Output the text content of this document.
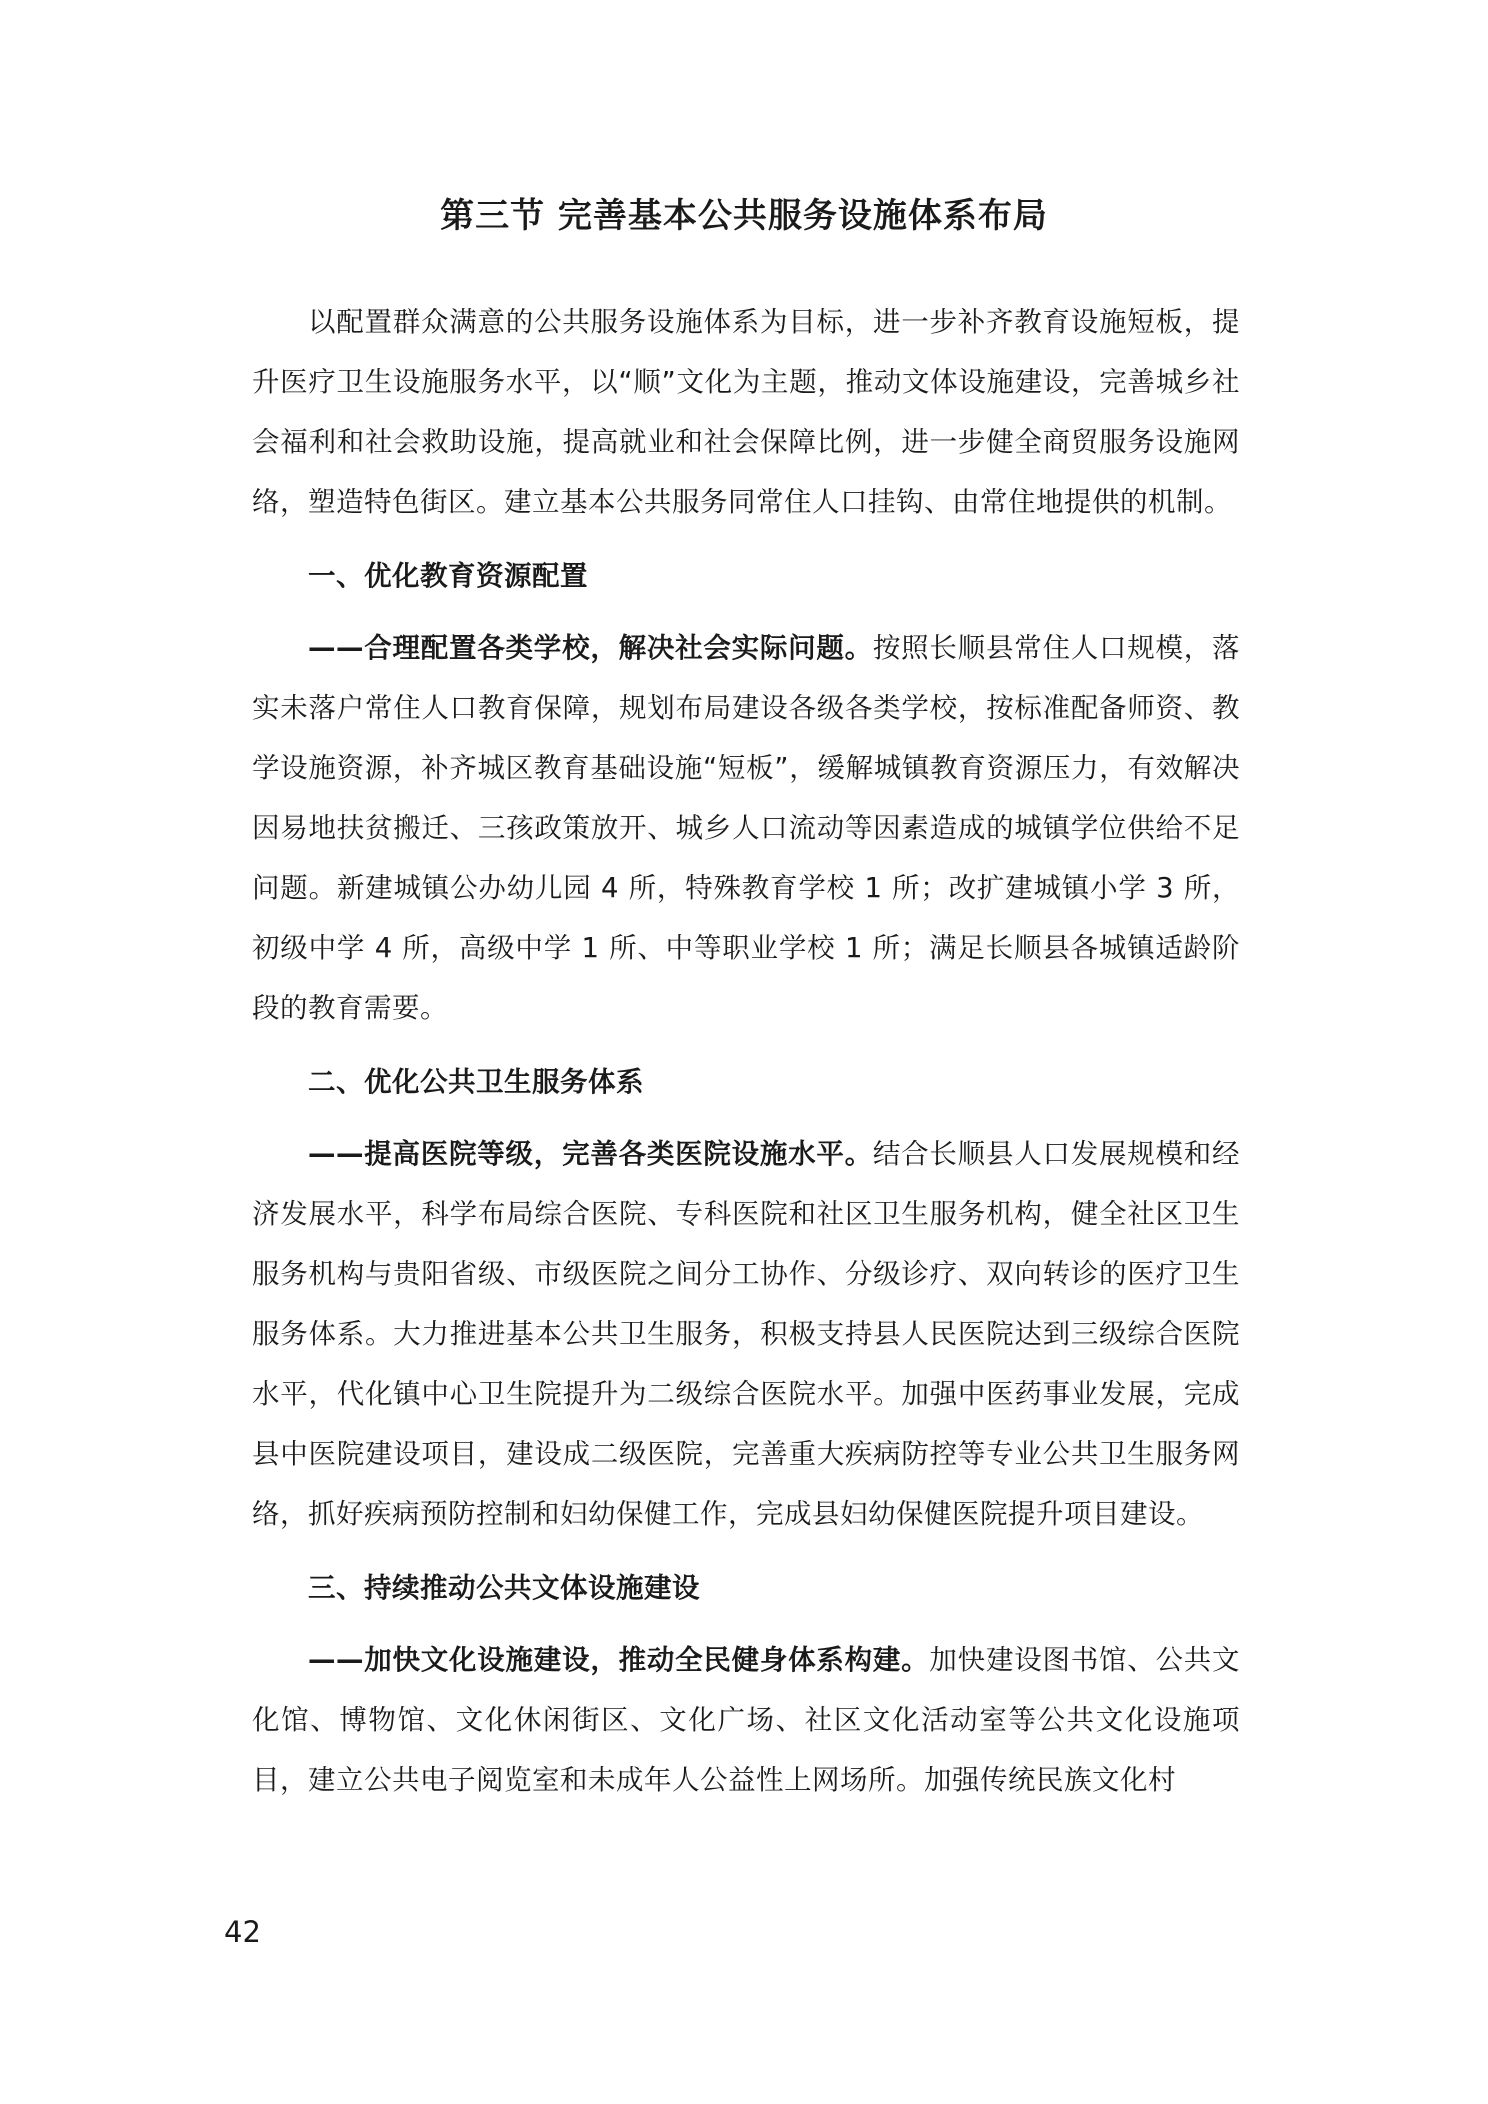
第三节 完善基本公共服务设施体系布局

以配置群众满意的公共服务设施体系为目标，进一步补齐教育设施短板，提升医疗卫生设施服务水平，以“顺”文化为主题，推动文体设施建设，完善城乡社会福利和社会救助设施，提高就业和社会保障比例，进一步健全商贸服务设施网络，塑造特色街区。建立基本公共服务同常住人口挂钩、由常住地提供的机制。

一、优化教育资源配置

——合理配置各类学校，解决社会实际问题。按照长顺县常住人口规模，落实未落户常住人口教育保障，规划布局建设各级各类学校，按标准配备师资、教学设施资源，补齐城区教育基础设施“短板”，缓解城镇教育资源压力，有效解决因易地扶贫搬迁、三孩政策放开、城乡人口流动等因素造成的城镇学位供给不足问题。新建城镇公办幼儿园 4 所，特殊教育学校 1 所；改扩建城镇小学 3 所，初级中学 4 所，高级中学 1 所、中等职业学校 1 所；满足长顺县各城镇适龄阶段的教育需要。

二、优化公共卫生服务体系

——提高医院等级，完善各类医院设施水平。结合长顺县人口发展规模和经济发展水平，科学布局综合医院、专科医院和社区卫生服务机构，健全社区卫生服务机构与贵阳省级、市级医院之间分工协作、分级诊疗、双向转诊的医疗卫生服务体系。大力推进基本公共卫生服务，积极支持县人民医院达到三级综合医院水平，代化镇中心卫生院提升为二级综合医院水平。加强中医药事业发展，完成县中医院建设项目，建设成二级医院，完善重大疾病防控等专业公共卫生服务网络，抓好疾病预防控制和妇幼保健工作，完成县妇幼保健医院提升项目建设。

三、持续推动公共文体设施建设

——加快文化设施建设，推动全民健身体系构建。加快建设图书馆、公共文化馆、博物馆、文化休闲街区、文化广场、社区文化活动室等公共文化设施项目，建立公共电子阅览室和未成年人公益性上网场所。加强传统民族文化村

42
